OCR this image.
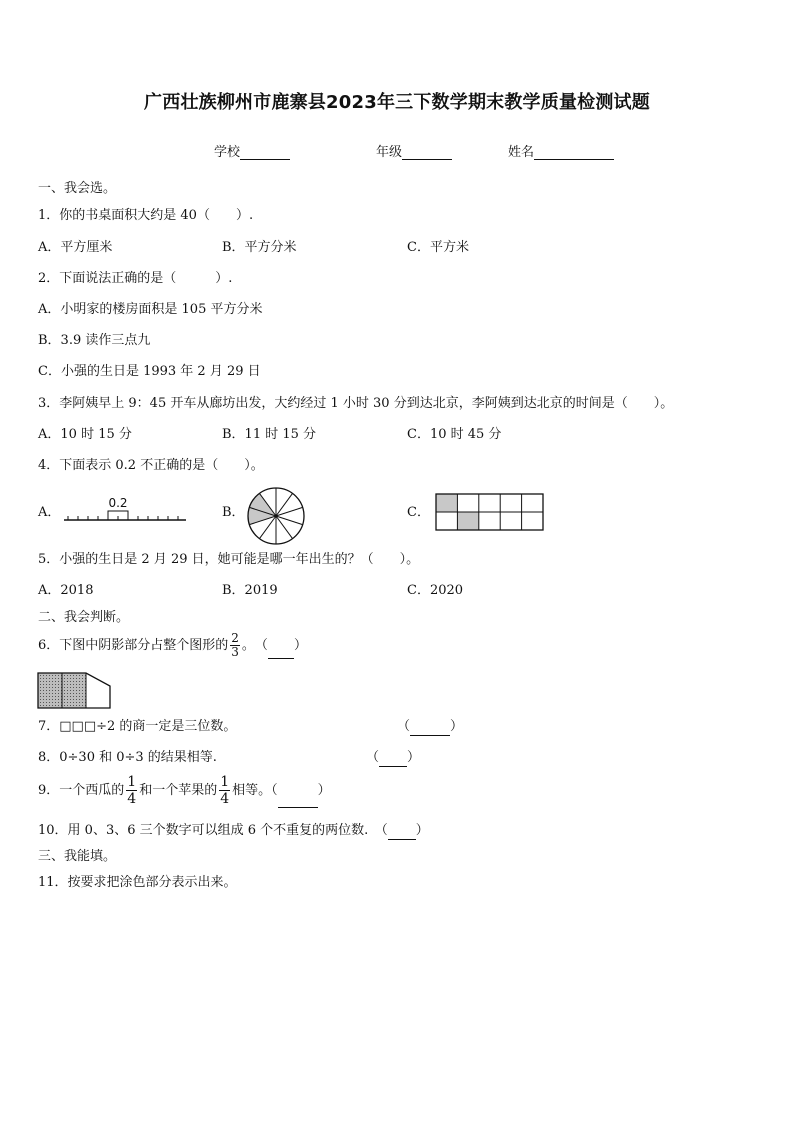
广西壮族柳州市鹿寨县2023年三下数学期末教学质量检测试题
学校	年级	姓名
一、我会选。
1．你的书桌面积大约是 40（　　）.
A．平方厘米	B．平方分米	C．平方米
2．下面说法正确的是（　　　）.
A．小明家的楼房面积是 105 平方分米
B．3.9 读作三点九
C．小强的生日是 1993 年 2 月 29 日
3．李阿姨早上 9：45 开车从廊坊出发，大约经过 1 小时 30 分到达北京，李阿姨到达北京的时间是（　　）。
A．10 时 15 分	B．11 时 15 分	C．10 时 45 分
4．下面表示 0.2 不正确的是（　　）。
A．	B．	C．
0.2
5．小强的生日是 2 月 29 日，她可能是哪一年出生的？（　　）。
A．2018	B．2019	C．2020
二、我会判断。
6．下图中阴影部分占整个图形的 $\frac{2}{3}$ 。　（ ）
7．□□□÷2 的商一定是三位数。	（	）
8．0÷30 和 0÷3 的结果相等.	（ ）
9．一个西瓜的 $\frac{1}{4}$ 和一个苹果的 $\frac{1}{4}$ 相等。（	）
10．用 0、3、6 三个数字可以组成 6 个不重复的两位数.　（ ）
三、我能填。
11．按要求把涂色部分表示出来。
